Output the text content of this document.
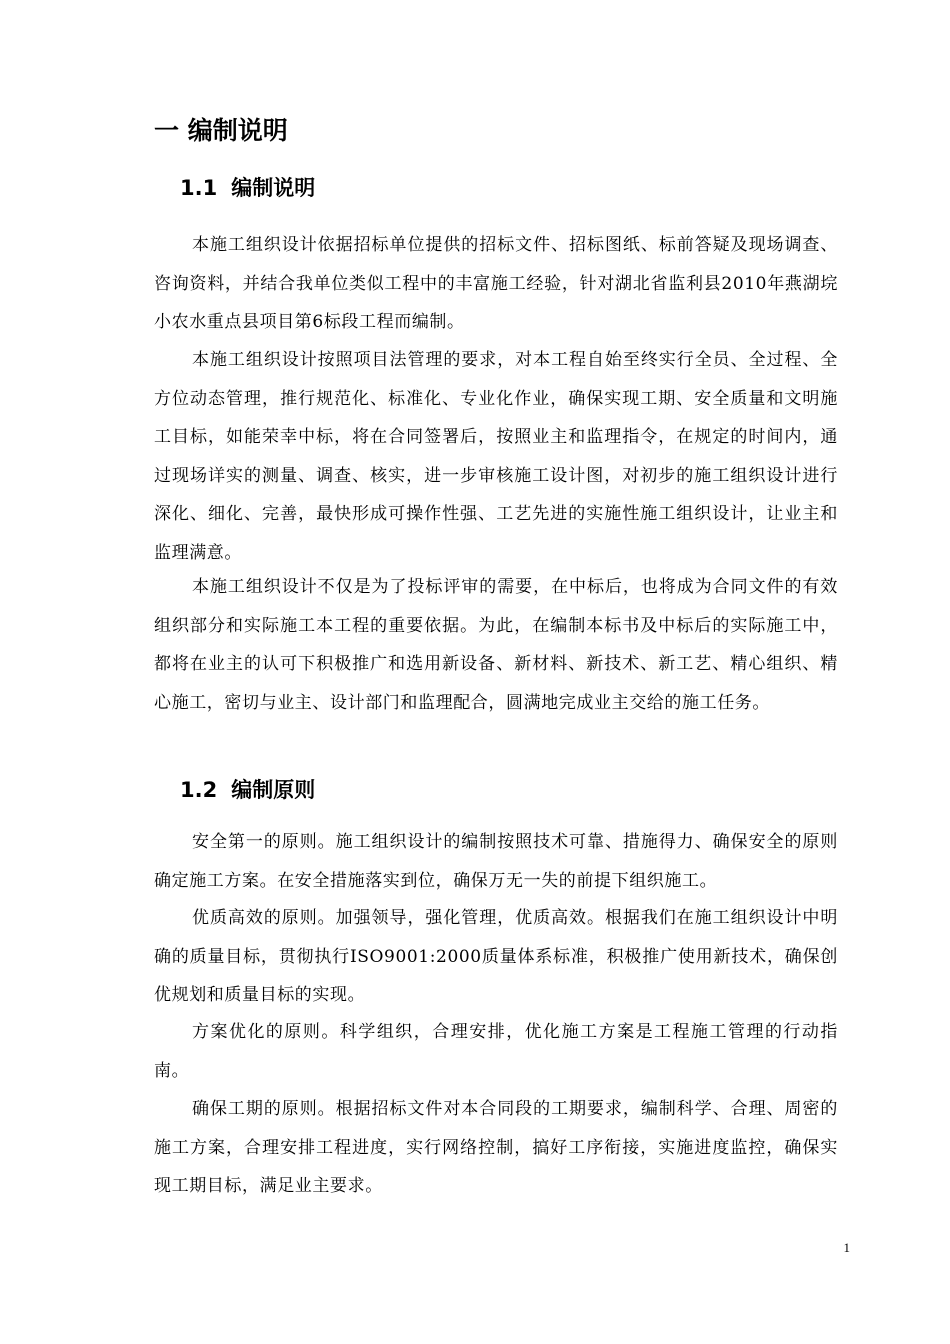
一 编制说明
1.1 编制说明

本施工组织设计依据招标单位提供的招标文件、招标图纸、标前答疑及现场调查、咨询资料，并结合我单位类似工程中的丰富施工经验，针对湖北省监利县2010年燕湖垸小农水重点县项目第6标段工程而编制。

本施工组织设计按照项目法管理的要求，对本工程自始至终实行全员、全过程、全方位动态管理，推行规范化、标准化、专业化作业，确保实现工期、安全质量和文明施工目标，如能荣幸中标，将在合同签署后，按照业主和监理指令，在规定的时间内，通过现场详实的测量、调查、核实，进一步审核施工设计图，对初步的施工组织设计进行深化、细化、完善，最快形成可操作性强、工艺先进的实施性施工组织设计，让业主和监理满意。

本施工组织设计不仅是为了投标评审的需要，在中标后，也将成为合同文件的有效组织部分和实际施工本工程的重要依据。为此，在编制本标书及中标后的实际施工中，都将在业主的认可下积极推广和选用新设备、新材料、新技术、新工艺、精心组织、精心施工，密切与业主、设计部门和监理配合，圆满地完成业主交给的施工任务。

1.2 编制原则

安全第一的原则。施工组织设计的编制按照技术可靠、措施得力、确保安全的原则确定施工方案。在安全措施落实到位，确保万无一失的前提下组织施工。

优质高效的原则。加强领导，强化管理，优质高效。根据我们在施工组织设计中明确的质量目标，贯彻执行ISO9001:2000质量体系标准，积极推广使用新技术，确保创优规划和质量目标的实现。

方案优化的原则。科学组织，合理安排，优化施工方案是工程施工管理的行动指南。

确保工期的原则。根据招标文件对本合同段的工期要求，编制科学、合理、周密的施工方案，合理安排工程进度，实行网络控制，搞好工序衔接，实施进度监控，确保实现工期目标，满足业主要求。

1
